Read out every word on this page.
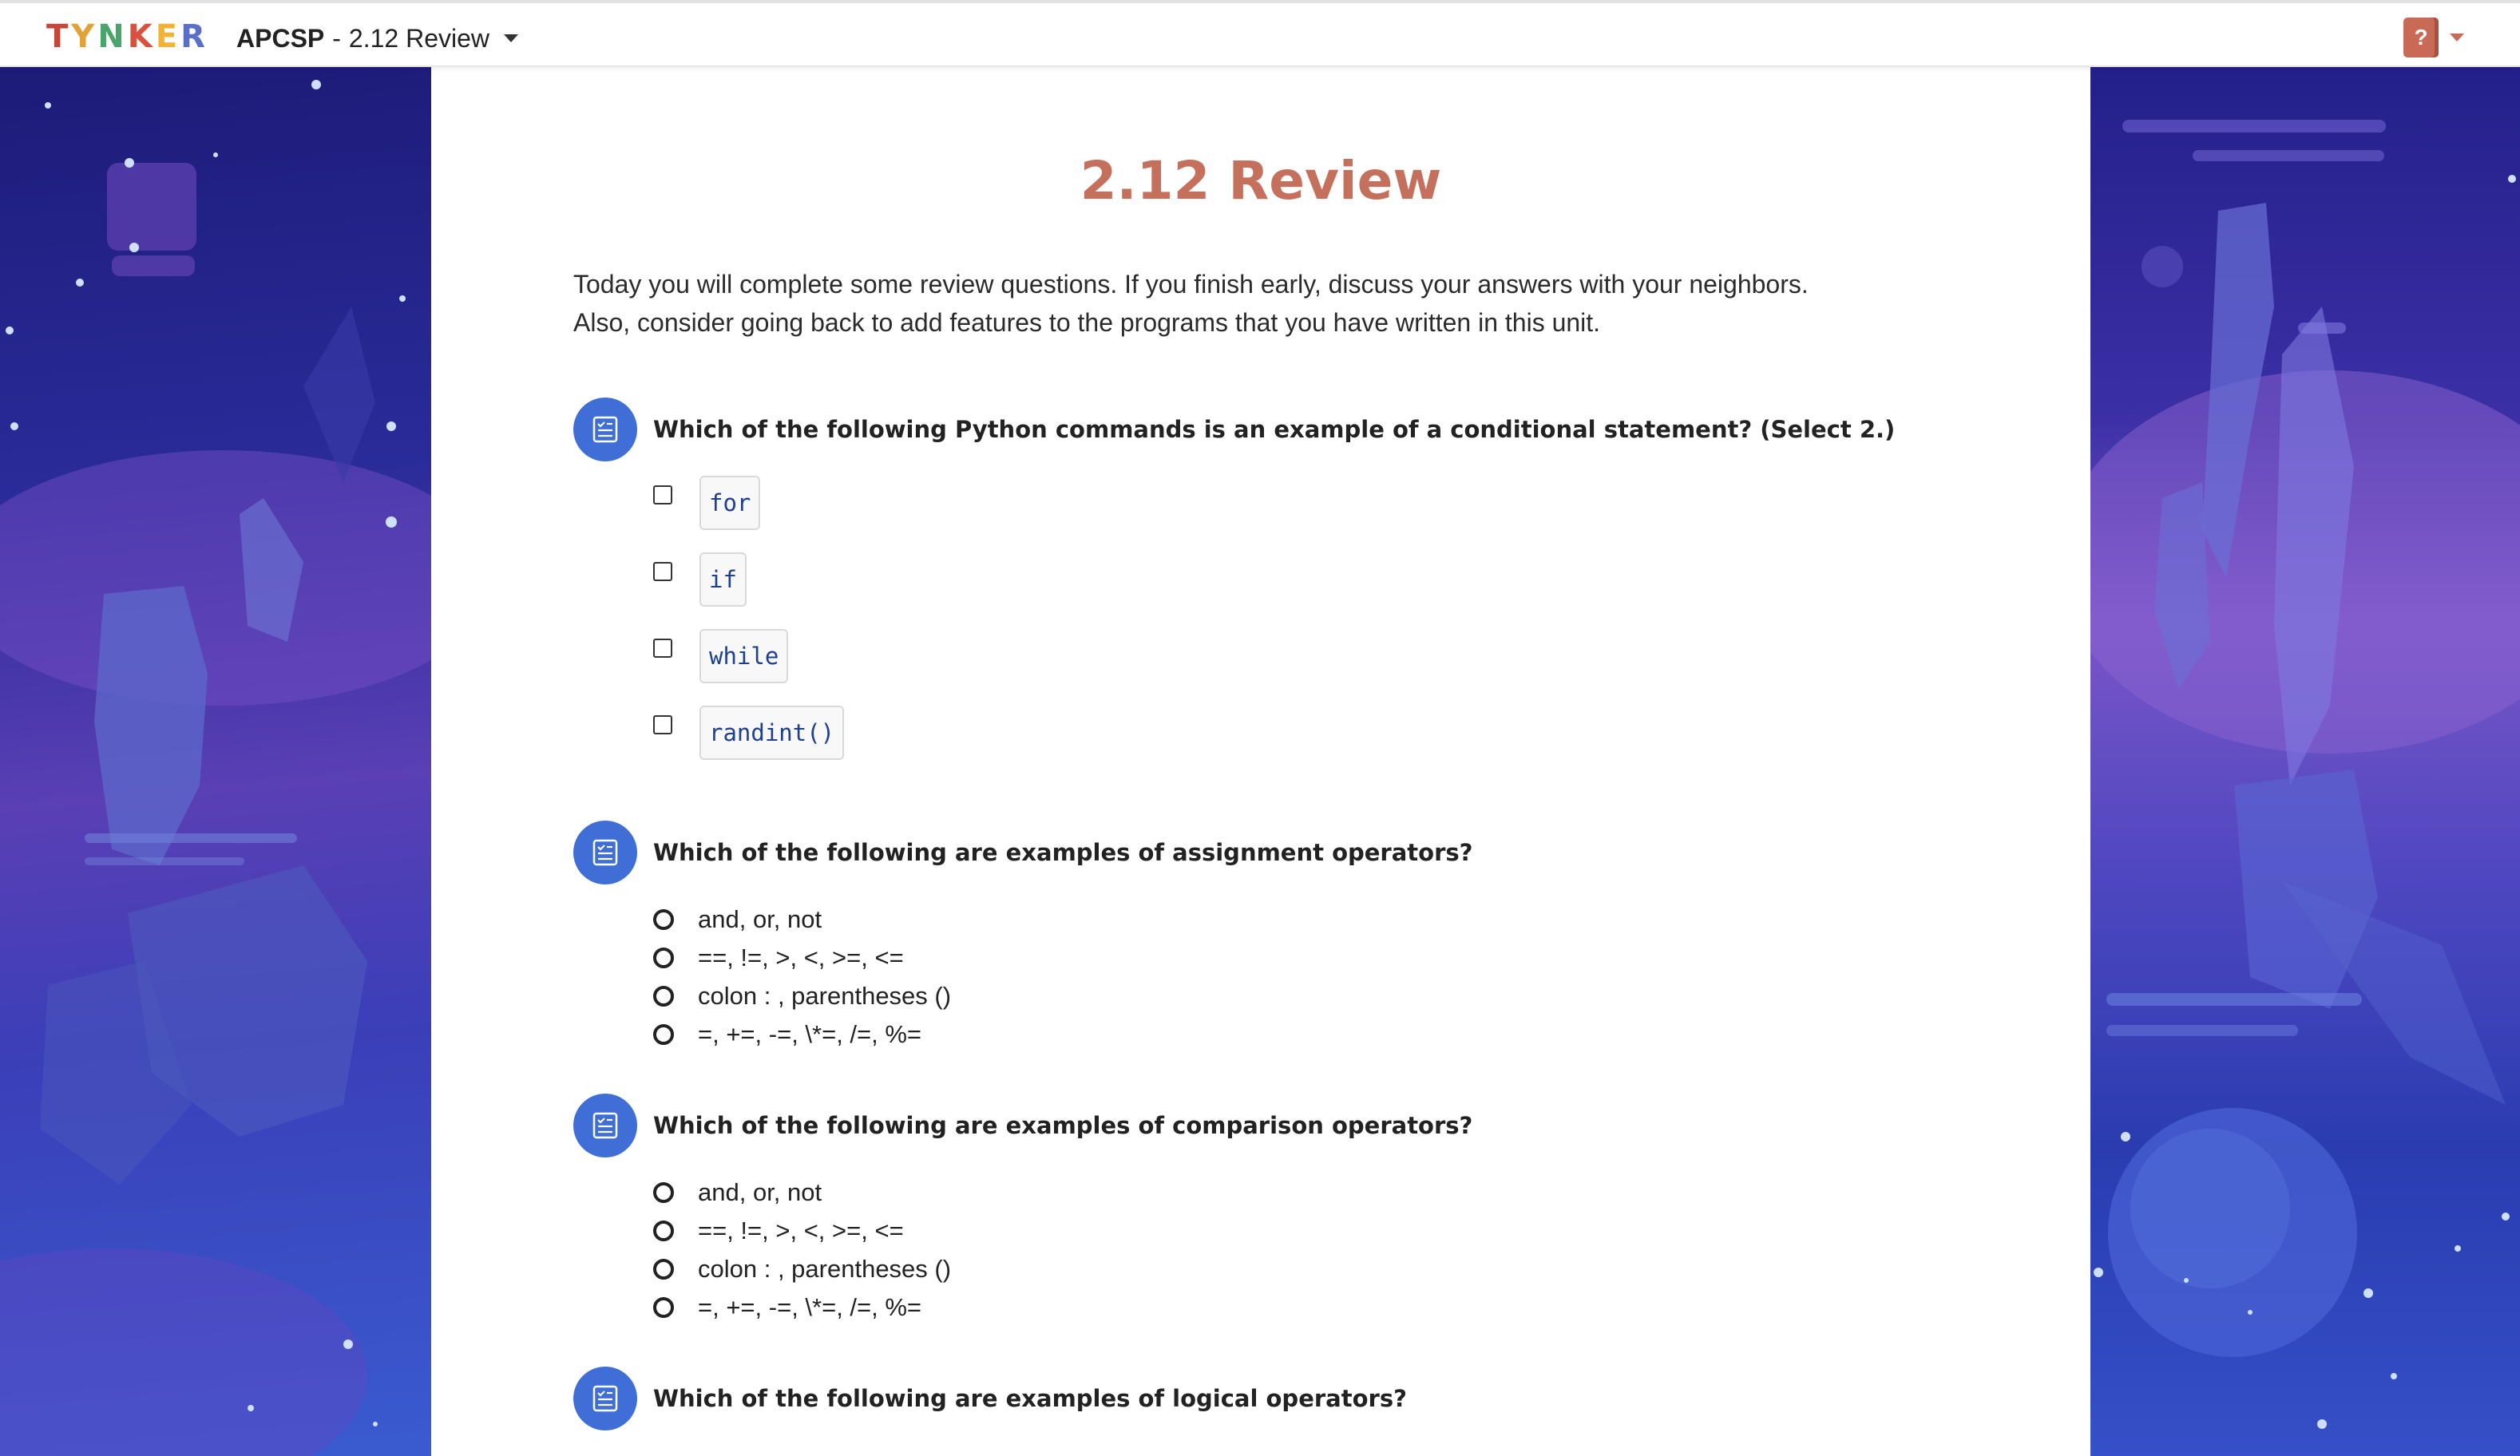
T Y N K E R APCSP - 2.12 Review	?
2.12 Review
Today you will complete some review questions. If you finish early, discuss your answers with your neighbors.
Also, consider going back to add features to the programs that you have written in this unit.
Which of the following Python commands is an example of a conditional statement? (Select 2.)
for
if
while
randint()
Which of the following are examples of assignment operators?
and, or, not
==, !=, >, <, >=, <=
colon : , parentheses ()
=, +=, -=, \*=, /=, %=
Which of the following are examples of comparison operators?
and, or, not
==, !=, >, <, >=, <=
colon : , parentheses ()
=, +=, -=, \*=, /=, %=
Which of the following are examples of logical operators?
